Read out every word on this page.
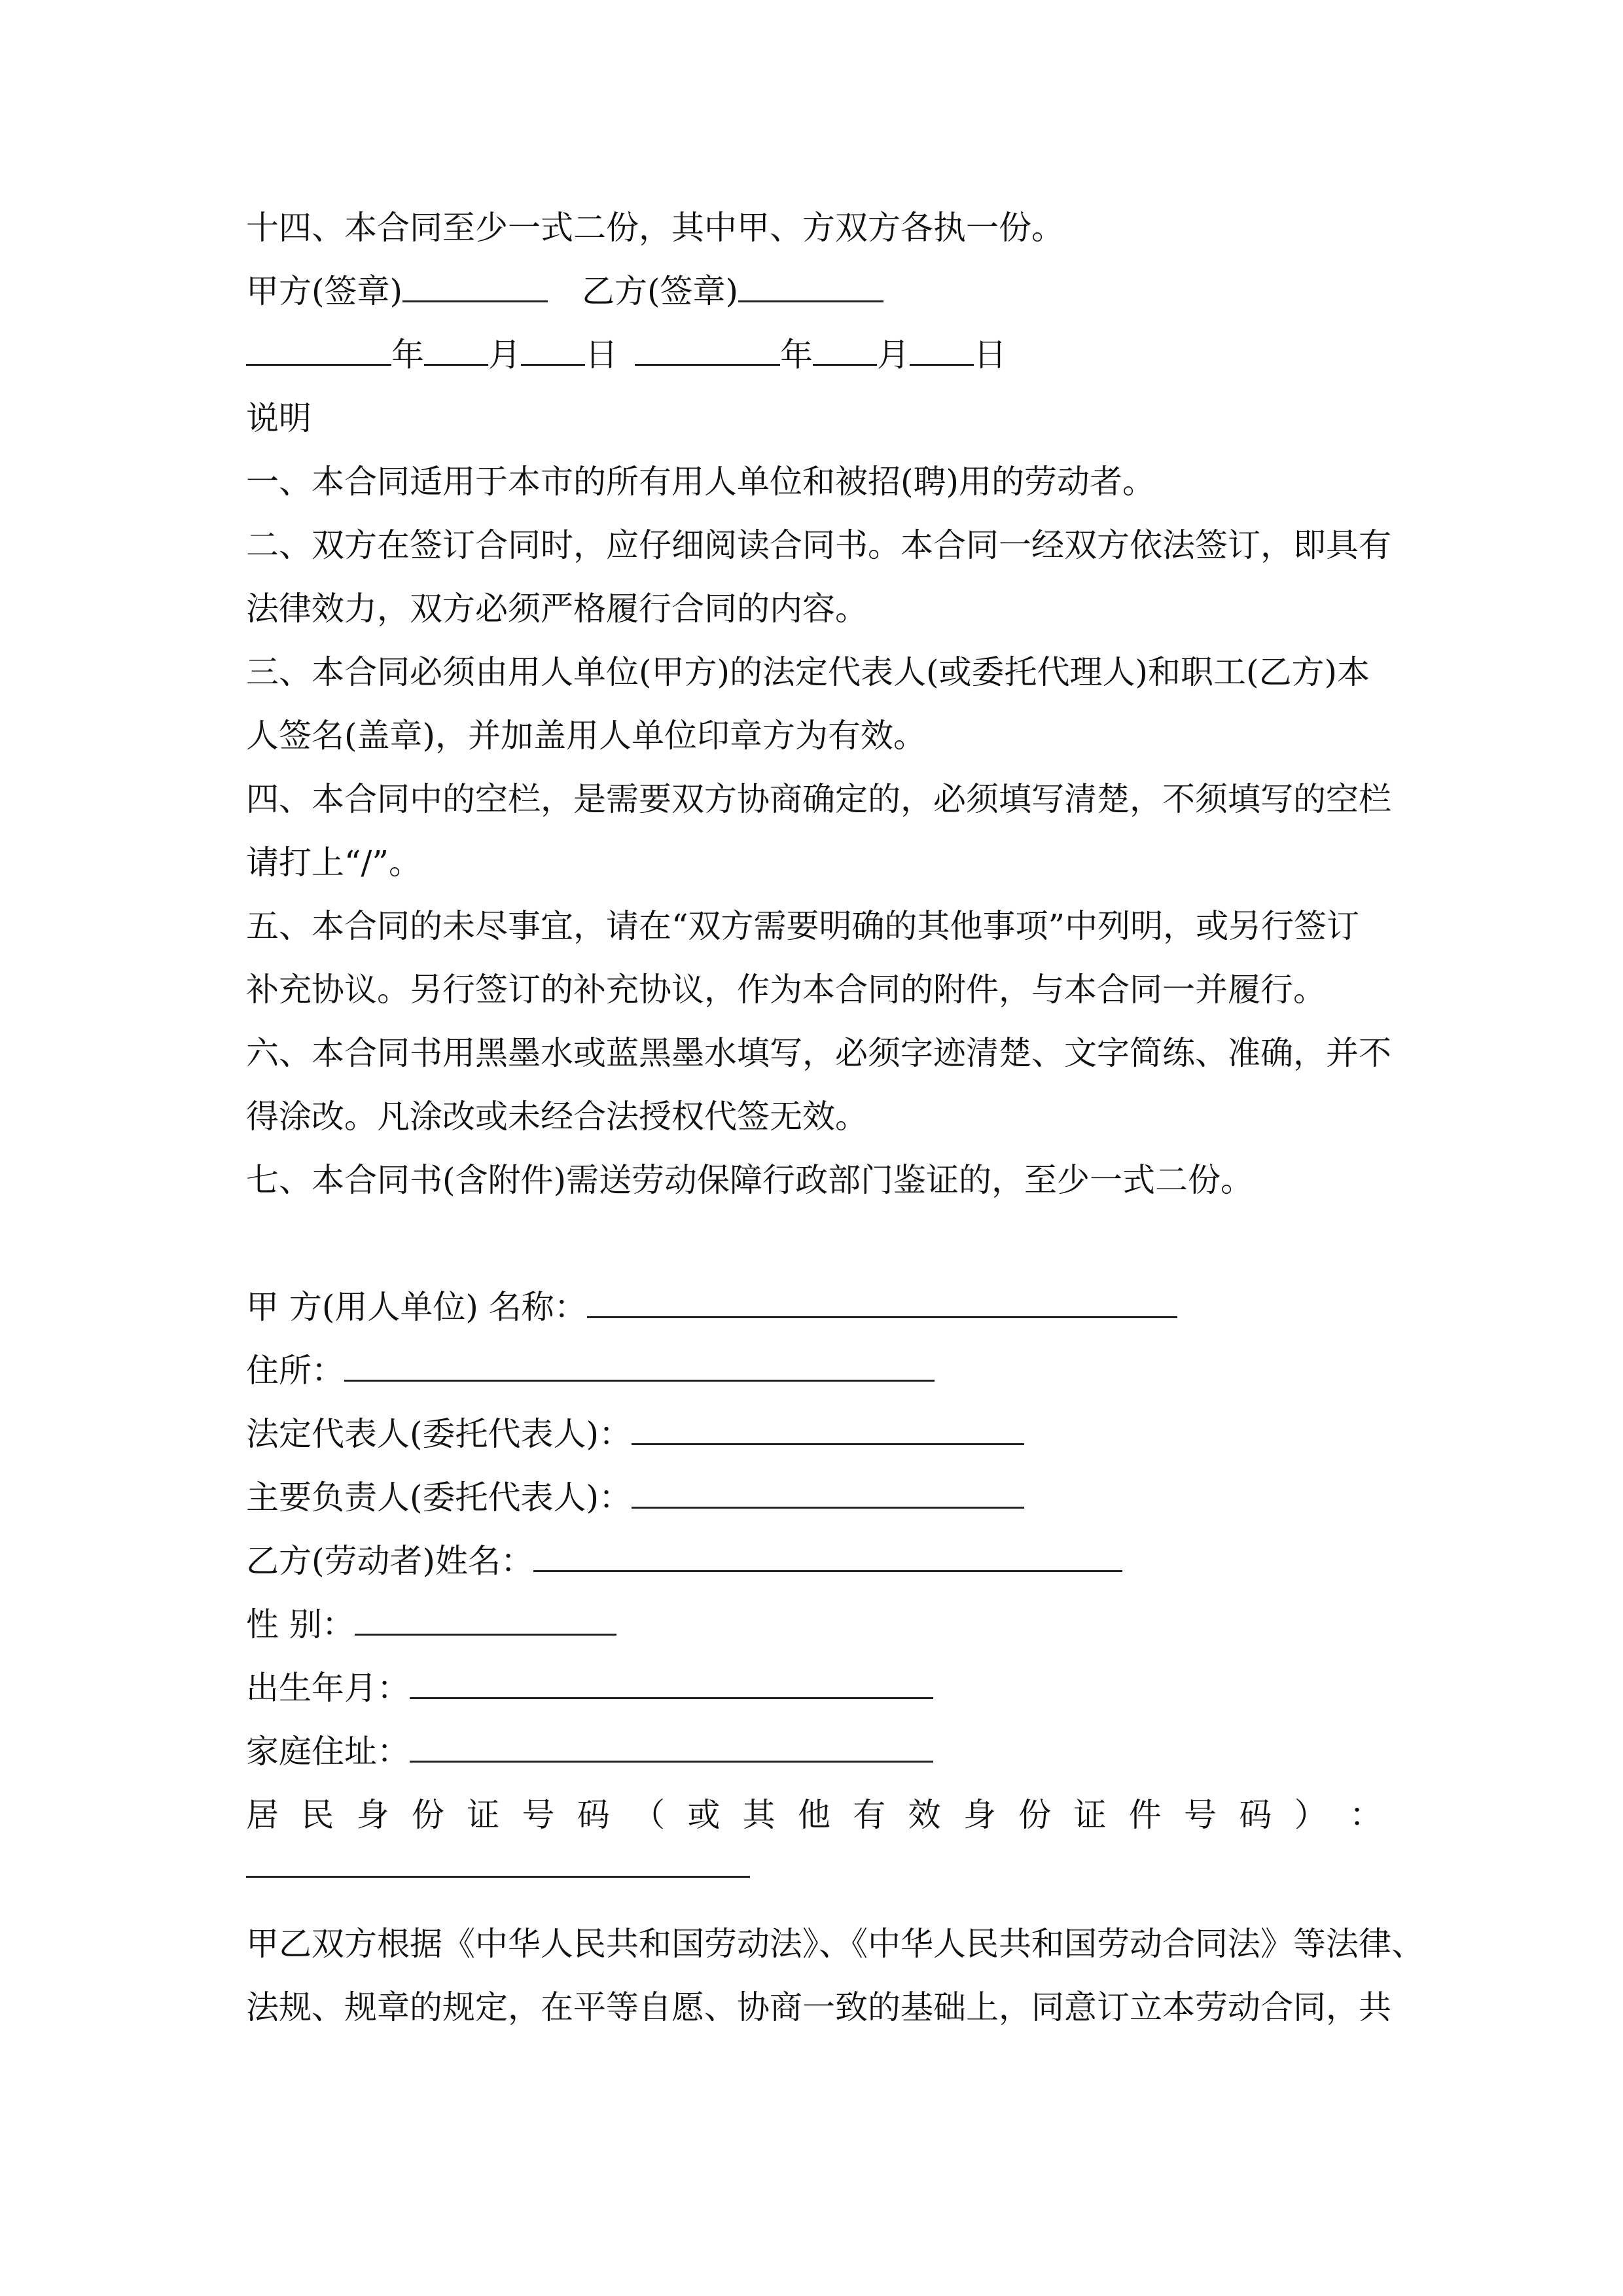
十四、本合同至少一式二份，其中甲、方双方各执一份。
甲方(签章)	乙方(签章)
年 月 日	年 月 日
说明
一、本合同适用于本市的所有用人单位和被招(聘)用的劳动者。
二、双方在签订合同时，应仔细阅读合同书。本合同一经双方依法签订，即具有
法律效力，双方必须严格履行合同的内容。
三、本合同必须由用人单位(甲方)的法定代表人(或委托代理人)和职工(乙方)本
人签名(盖章)，并加盖用人单位印章方为有效。
四、本合同中的空栏，是需要双方协商确定的，必须填写清楚，不须填写的空栏
请打上“/”。
五、本合同的未尽事宜，请在“双方需要明确的其他事项”中列明，或另行签订
补充协议。另行签订的补充协议，作为本合同的附件，与本合同一并履行。
六、本合同书用黑墨水或蓝黑墨水填写，必须字迹清楚、文字简练、准确，并不
得涂改。凡涂改或未经合法授权代签无效。
七、本合同书(含附件)需送劳动保障行政部门鉴证的，至少一式二份。
甲 方(用人单位) 名称：
住所：
法定代表人(委托代表人)：
主要负责人(委托代表人)：
乙方(劳动者)姓名：
性 别：
出生年月：
家庭住址：
居 民 身 份 证 号 码 （ 或 其 他 有 效 身 份 证 件 号 码 ） ：
甲乙双方根据《中华人民共和国劳动法》、《中华人民共和国劳动合同法》等法律、
法规、规章的规定，在平等自愿、协商一致的基础上，同意订立本劳动合同，共
